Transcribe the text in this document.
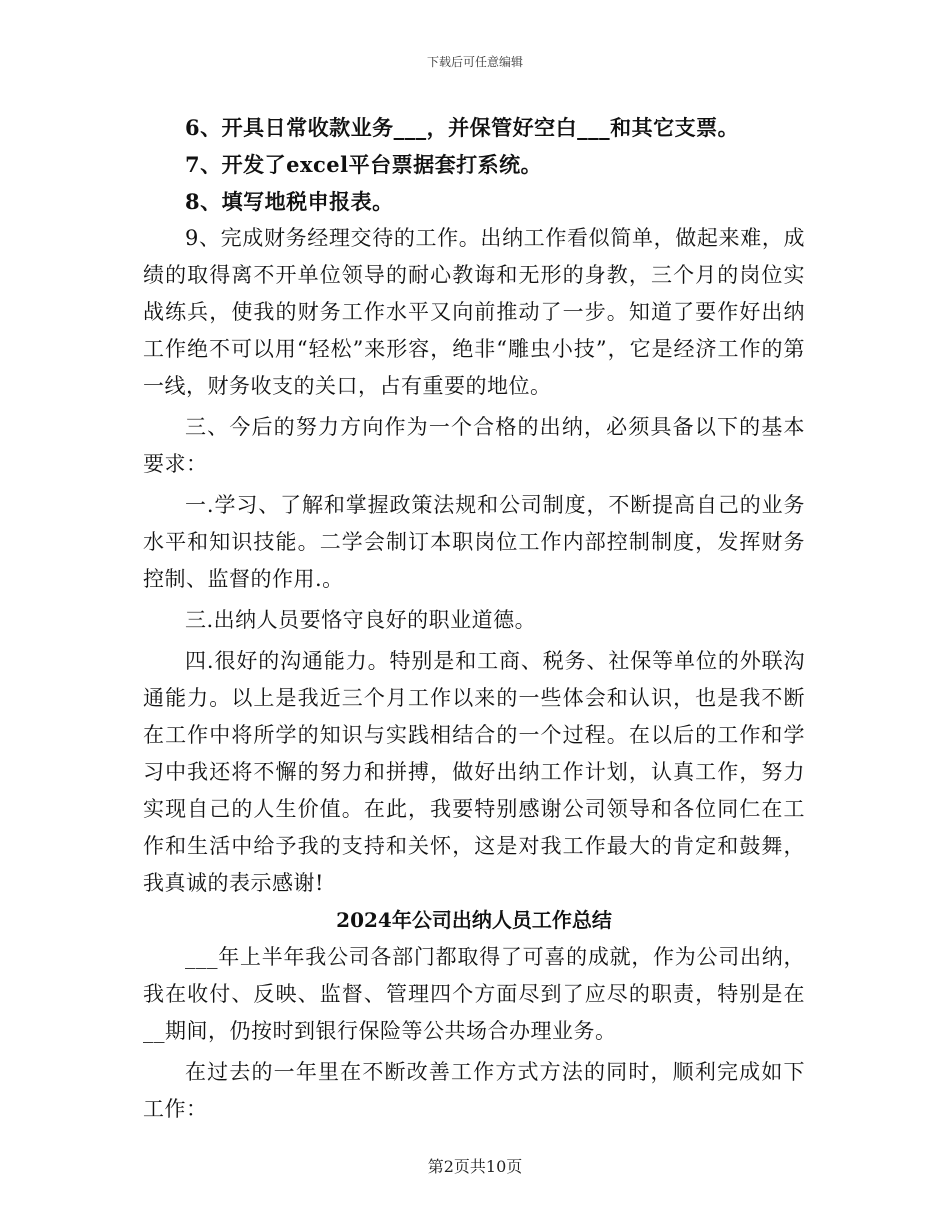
下载后可任意编辑

6、开具日常收款业务___，并保管好空白___和其它支票。

7、开发了excel平台票据套打系统。

8、填写地税申报表。

9、完成财务经理交待的工作。出纳工作看似简单，做起来难，成绩的取得离不开单位领导的耐心教诲和无形的身教，三个月的岗位实战练兵，使我的财务工作水平又向前推动了一步。知道了要作好出纳工作绝不可以用“轻松”来形容，绝非“雕虫小技”，它是经济工作的第一线，财务收支的关口，占有重要的地位。

三、今后的努力方向作为一个合格的出纳，必须具备以下的基本要求：

一.学习、了解和掌握政策法规和公司制度，不断提高自己的业务水平和知识技能。二学会制订本职岗位工作内部控制制度，发挥财务控制、监督的作用.。

三.出纳人员要恪守良好的职业道德。

四.很好的沟通能力。特别是和工商、税务、社保等单位的外联沟通能力。以上是我近三个月工作以来的一些体会和认识，也是我不断在工作中将所学的知识与实践相结合的一个过程。在以后的工作和学习中我还将不懈的努力和拼搏，做好出纳工作计划，认真工作，努力实现自己的人生价值。在此，我要特别感谢公司领导和各位同仁在工作和生活中给予我的支持和关怀，这是对我工作最大的肯定和鼓舞，我真诚的表示感谢!

2024年公司出纳人员工作总结

___年上半年我公司各部门都取得了可喜的成就，作为公司出纳，我在收付、反映、监督、管理四个方面尽到了应尽的职责，特别是在__期间，仍按时到银行保险等公共场合办理业务。

在过去的一年里在不断改善工作方式方法的同时，顺利完成如下工作：

第2页共10页
